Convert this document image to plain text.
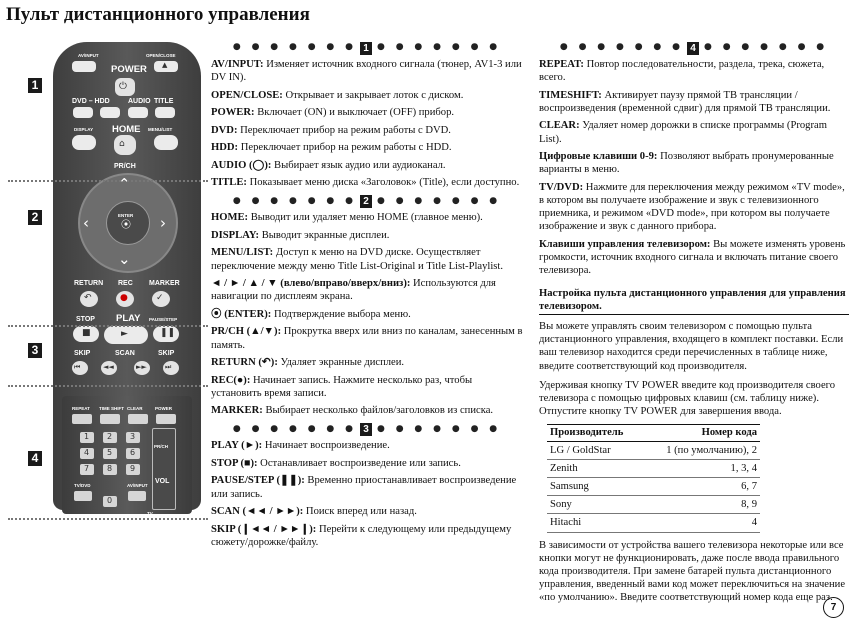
Пульт дистанционного управления
AV/INPUT	OPEN/CLOSE
▲
POWER
⏻
DVD – HDD	AUDIO TITLE
DISPLAY HOME MENU/LIST
⌂
PR/CH
⌃
⌄
‹	›
ENTER
⦿
RETURN REC MARKER
↶	●	✓
STOP PLAY PAUSE/STEP
■	►	❚❚
SKIP	SCAN	SKIP
⏮	◄◄	►►	⏭
REPEAT TIME SHIFT CLEAR	POWER
1 2 3
4 5 6
7 8 9
0
TV/DVD	AV/INPUT
PR/CH
VOL
TV
1
2
3
4
● ● ● ● ● ● ● 1 ● ● ● ● ● ● ●

AV/INPUT: Изменяет источник входного сигнала (тюнер, AV1-3 или DV IN).

OPEN/CLOSE: Открывает и закрывает лоток с диском.

POWER: Включает (ON) и выключает (OFF) прибор.

DVD: Переключает прибор на режим работы с DVD.

HDD: Переключает прибор на режим работы с HDD.

AUDIO (◯): Выбирает язык аудио или аудиоканал.

TITLE: Показывает меню диска «Заголовок» (Title), если доступно.

● ● ● ● ● ● ● 2 ● ● ● ● ● ● ●

HOME: Выводит или удаляет меню HOME (главное меню).

DISPLAY: Выводит экранные дисплеи.

MENU/LIST: Доступ к меню на DVD диске. Осуществляет переключение между меню Title List-Original и Title List-Playlist.

◄ / ► / ▲ / ▼ (влево/вправо/вверх/вниз): Используются для навигации по дисплеям экрана.

⦿ (ENTER): Подтверждение выбора меню.

PR/CH (▲/▼): Прокрутка вверх или вниз по каналам, занесенным в память.

RETURN (↶): Удаляет экранные дисплеи.

REC(●): Начинает запись. Нажмите несколько раз, чтобы установить время записи.

MARKER: Выбирает несколько файлов/заголовков из списка.

● ● ● ● ● ● ● 3 ● ● ● ● ● ● ●

PLAY (►): Начинает воспроизведение.

STOP (■): Останавливает воспроизведение или запись.

PAUSE/STEP (❚❚): Временно приостанавливает воспроизведение или запись.

SCAN (◄◄ / ►►): Поиск вперед или назад.

SKIP (❙◄◄ / ►►❙): Перейти к следующему или предыдущему сюжету/дорожке/файлу.

● ● ● ● ● ● ● 4 ● ● ● ● ● ● ●

REPEAT: Повтор последовательности, раздела, трека, сюжета, всего.

TIMESHIFT: Активирует паузу прямой ТВ трансляции / воспроизведения (временной сдвиг) для прямой ТВ трансляции.

CLEAR: Удаляет номер дорожки в списке программы (Program List).

Цифровые клавиши 0-9: Позволяют выбрать пронумерованные варианты в меню.

TV/DVD: Нажмите для переключения между режимом «TV mode», в котором вы получаете изображение и звук с телевизионного приемника, и режимом «DVD mode», при котором вы получаете изображение и звук с данного прибора.

Клавиши управления телевизором: Вы можете изменять уровень громкости, источник входного сигнала и включать питание своего телевизора.

Настройка пульта дистанционного управления для управления телевизором.

Вы можете управлять своим телевизором с помощью пульта дистанционного управления, входящего в комплект поставки. Если ваш телевизор находится среди перечисленных в таблице ниже, введите соответствующий код производителя.

Удерживая кнопку TV POWER введите код производителя своего телевизора с помощью цифровых клавиш (см. таблицу ниже). Отпустите кнопку TV POWER для завершения ввода.

Производитель	Номер кода
LG / GoldStar	1 (по умолчанию), 2
Zenith	1, 3, 4
Samsung	6, 7
Sony	8, 9
Hitachi	4

В зависимости от устройства вашего телевизора некоторые или все кнопки могут не функционировать, даже после ввода правильного кода производителя. При замене батарей пульта дистанционного управления, введенный вами код может переключиться на значение «по умолчанию». Введите соответствующий номер кода еще раз.

7
